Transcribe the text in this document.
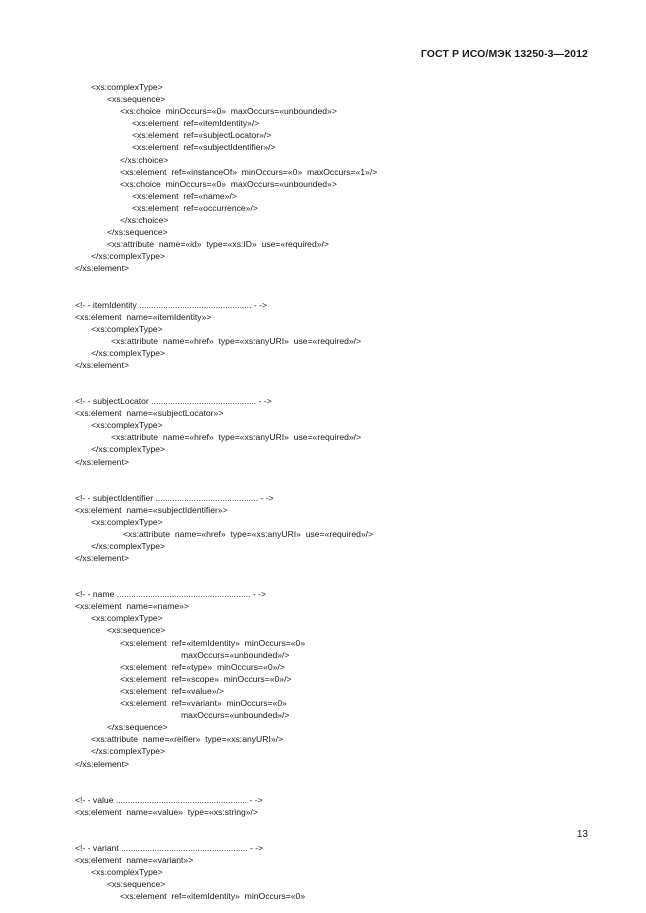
ГОСТ Р ИСО/МЭК 13250-3—2012
<xs:complexType>
<xs:sequence>
<xs:choice  minOccurs=«0»  maxOccurs=«unbounded»>
<xs:element  ref=«itemIdentity»/>
<xs:element  ref=«subjectLocator»/>
<xs:element  ref=«subjectIdentifier»/>
</xs:choice>
<xs:element  ref=«instanceOf»  minOccurs=«0»  maxOccurs=«1»/>
<xs:choice  minOccurs=«0»  maxOccurs=«unbounded»>
<xs:element  ref=«name»/>
<xs:element  ref=«occurrence»/>
</xs:choice>
</xs:sequence>
<xs:attribute  name=«id»  type=«xs:ID»  use=«required»/>
</xs:complexType>
</xs:element>
<!- - itemIdentity ............................................... - ->
<xs:element  name=«itemIdentity»>
<xs:complexType>
<xs:attribute  name=«href»  type=«xs:anyURI»  use=«required»/>
</xs:complexType>
</xs:element>
<!- - subjectLocator ............................................ - ->
<xs:element  name=«subjectLocator»>
<xs:complexType>
<xs:attribute  name=«href»  type=«xs:anyURI»  use=«required»/>
</xs:complexType>
</xs:element>
<!- - subjectIdentifier ........................................... - ->
<xs:element  name=«subjectIdentifier»>
<xs:complexType>
<xs:attribute  name=«href»  type=«xs:anyURI»  use=«required»/>
</xs:complexType>
</xs:element>
<!- - name ........................................................ - ->
<xs:element  name=«name»>
<xs:complexType>
<xs:sequence>
<xs:element  ref=«itemIdentity»  minOccurs=«0»
maxOccurs=«unbounded»/>
<xs:element  ref=«type»  minOccurs=«0»/>
<xs:element  ref=«scope»  minOccurs=«0»/>
<xs:element  ref=«value»/>
<xs:element  ref=«variant»  minOccurs=«0»
maxOccurs=«unbounded»/>
</xs:sequence>
<xs:attribute  name=«reifier»  type=«xs:anyURI»/>
</xs:complexType>
</xs:element>
<!- - value ....................................................... - ->
<xs:element  name=«value»  type=«xs:string»/>
<!- - variant ..................................................... - ->
<xs:element  name=«variant»>
<xs:complexType>
<xs:sequence>
<xs:element  ref=«itemIdentity»  minOccurs=«0»
13
